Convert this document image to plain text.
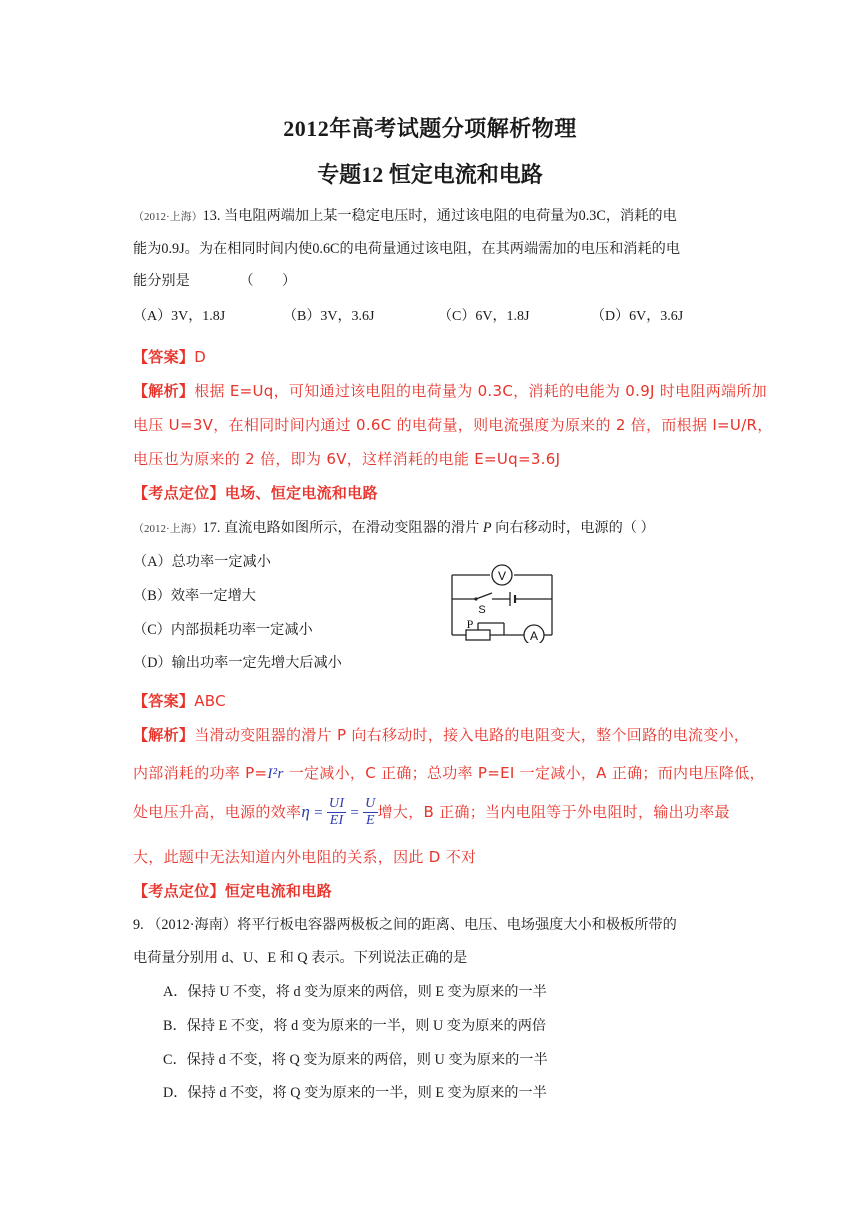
2012年高考试题分项解析物理
专题12 恒定电流和电路
（2012·上海）13. 当电阻两端加上某一稳定电压时，通过该电阻的电荷量为0.3C，消耗的电
能为0.9J。为在相同时间内使0.6C的电荷量通过该电阻，在其两端需加的电压和消耗的电
能分别是              （        ）
（A）3V，1.8J	（B）3V，3.6J	（C）6V，1.8J	（D）6V，3.6J
【答案】D
【解析】根据 E=Uq，可知通过该电阻的电荷量为 0.3C，消耗的电能为 0.9J 时电阻两端所加
电压 U=3V，在相同时间内通过 0.6C 的电荷量，则电流强度为原来的 2 倍，而根据 I=U/R，
电压也为原来的 2 倍，即为 6V，这样消耗的电能 E=Uq=3.6J
【考点定位】电场、恒定电流和电路
（2012·上海）17. 直流电路如图所示，在滑动变阻器的滑片 P 向右移动时，电源的（ ）
（A）总功率一定减小
（B）效率一定增大
（C）内部损耗功率一定减小
（D）输出功率一定先增大后减小
V
A
S
P
【答案】ABC
【解析】当滑动变阻器的滑片 P 向右移动时，接入电路的电阻变大，整个回路的电流变小，
内部消耗的功率 P=I²r 一定减小，C 正确；总功率 P=EI 一定减小，A 正确；而内电压降低，
处电压升高，电源的效率$\eta = \frac{UI}{EI} = \frac{U}{E}$ 增大，B 正确；当内电阻等于外电阻时，输出功率最
大，此题中无法知道内外电阻的关系，因此 D 不对
【考点定位】恒定电流和电路
9. （2012·海南）将平行板电容器两极板之间的距离、电压、电场强度大小和极板所带的
电荷量分别用 d、U、E 和 Q 表示。下列说法正确的是
A．保持 U 不变，将 d 变为原来的两倍，则 E 变为原来的一半
B．保持 E 不变，将 d 变为原来的一半，则 U 变为原来的两倍
C．保持 d 不变，将 Q 变为原来的两倍，则 U 变为原来的一半
D．保持 d 不变，将 Q 变为原来的一半，则 E 变为原来的一半
